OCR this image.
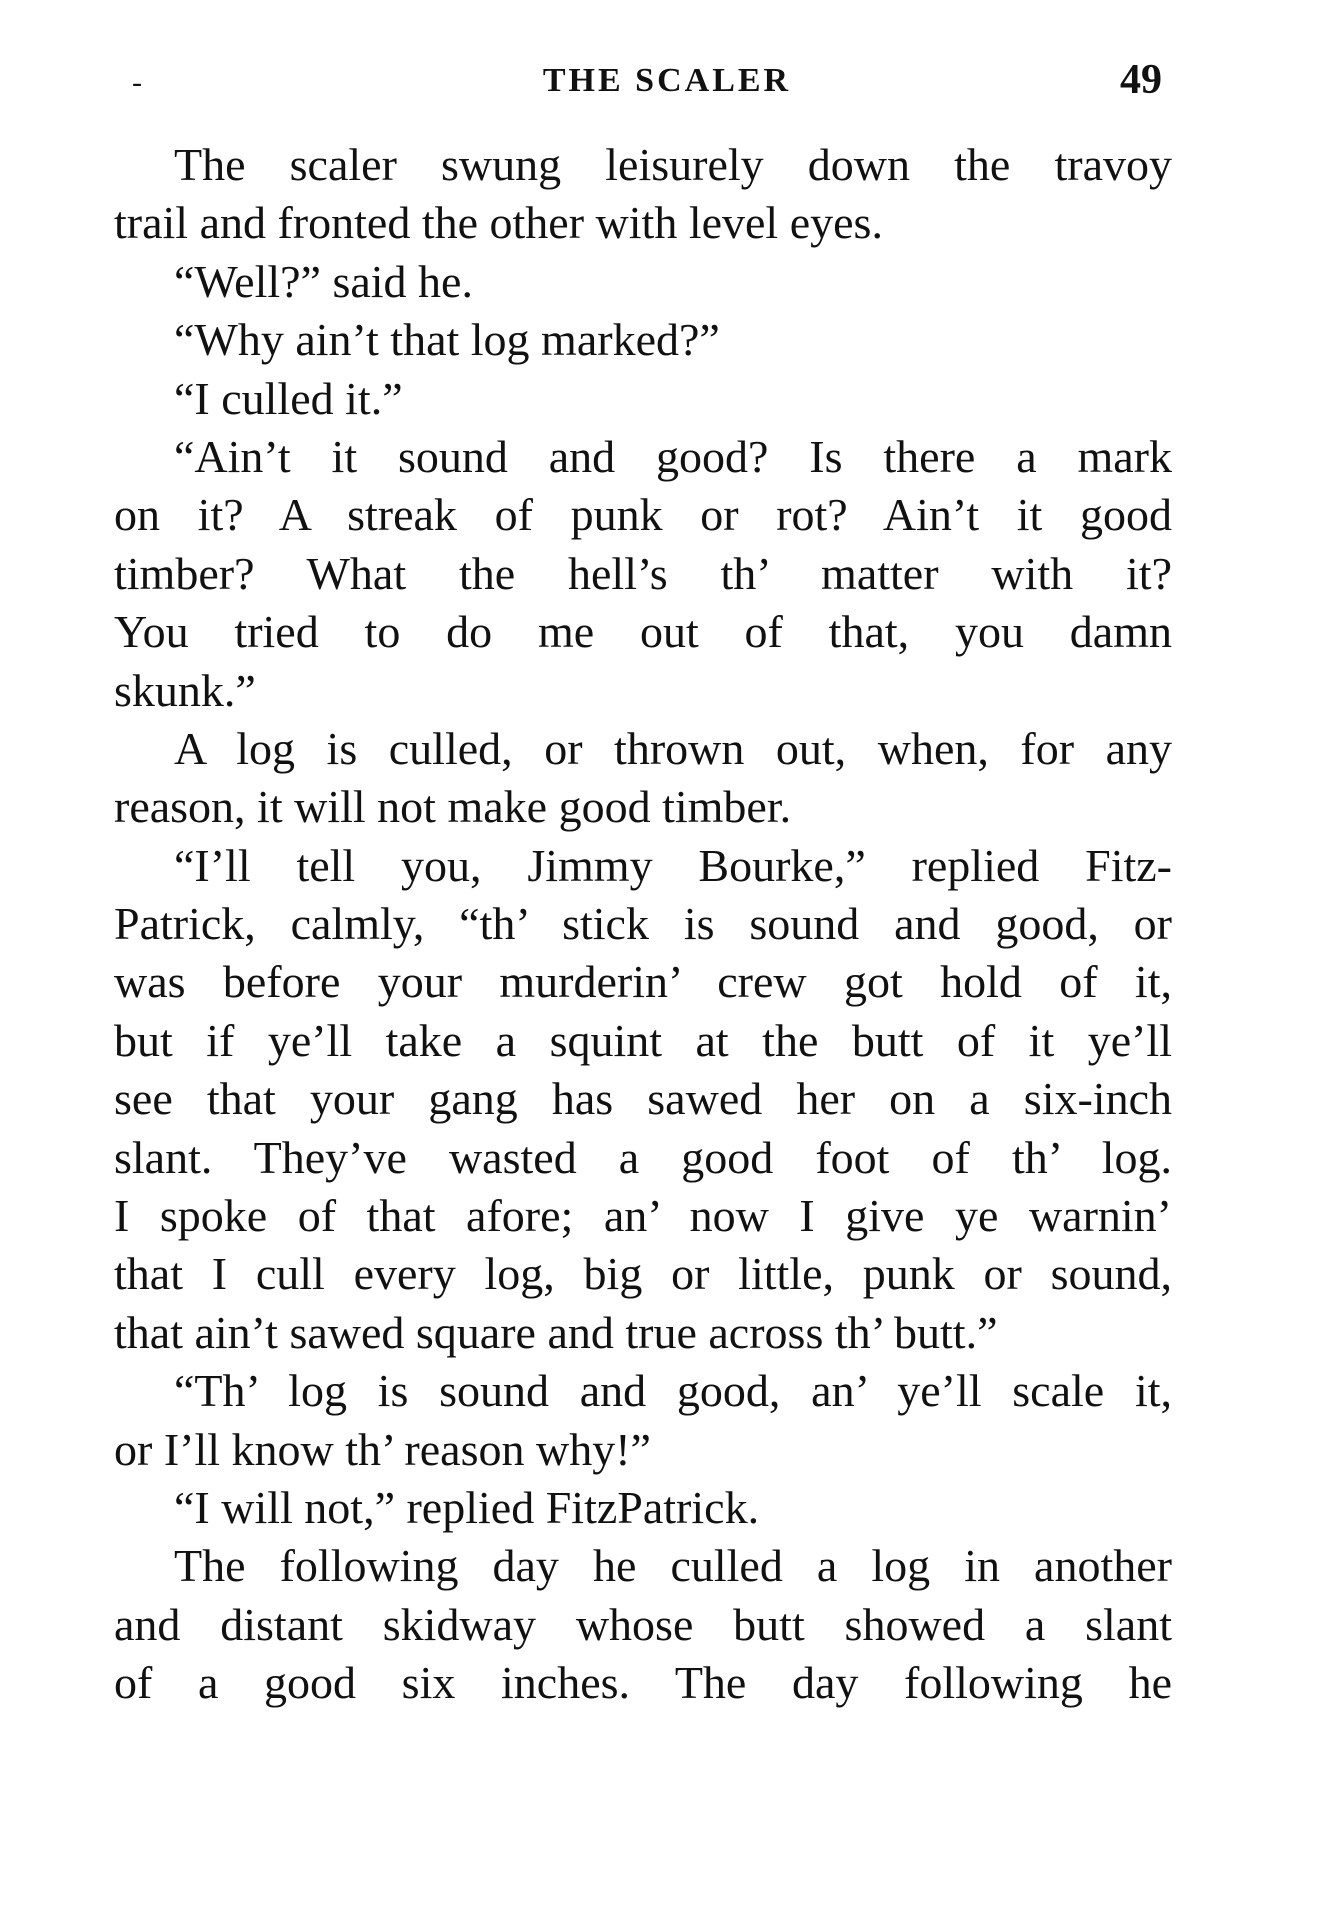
-	THE SCALER	49
The scaler swung leisurely down the travoy
trail and fronted the other with level eyes.
“Well?” said he.
“Why ain’t that log marked?”
“I culled it.”
“Ain’t it sound and good? Is there a mark
on it? A streak of punk or rot? Ain’t it good
timber? What the hell’s th’ matter with it?
You tried to do me out of that, you damn
skunk.”
A log is culled, or thrown out, when, for any
reason, it will not make good timber.
“I’ll tell you, Jimmy Bourke,” replied Fitz-
Patrick, calmly, “th’ stick is sound and good, or
was before your murderin’ crew got hold of it,
but if ye’ll take a squint at the butt of it ye’ll
see that your gang has sawed her on a six-inch
slant. They’ve wasted a good foot of th’ log.
I spoke of that afore; an’ now I give ye warnin’
that I cull every log, big or little, punk or sound,
that ain’t sawed square and true across th’ butt.”
“Th’ log is sound and good, an’ ye’ll scale it,
or I’ll know th’ reason why!”
“I will not,” replied FitzPatrick.
The following day he culled a log in another
and distant skidway whose butt showed a slant
of a good six inches. The day following he
